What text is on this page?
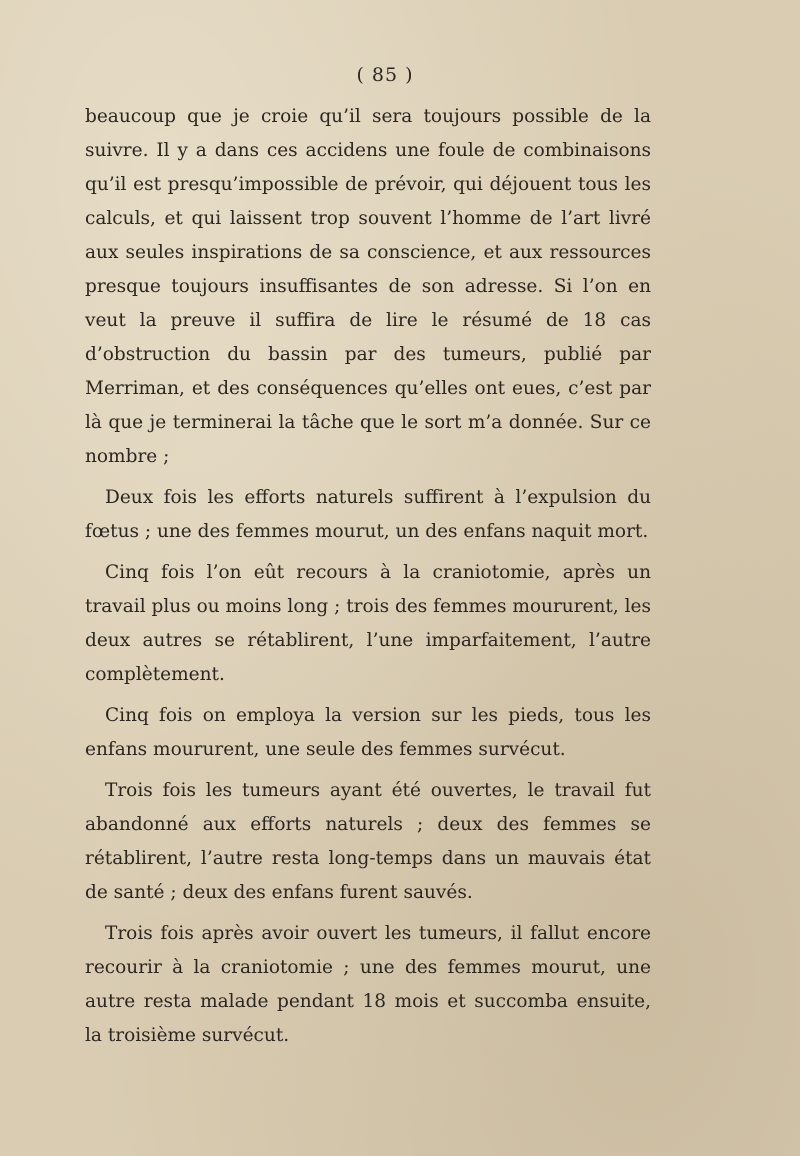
( 85 )

beaucoup que je croie qu’il sera toujours possible de la suivre. Il y a dans ces accidens une foule de combinaisons qu’il est presqu’impossible de prévoir, qui déjouent tous les calculs, et qui laissent trop souvent l’homme de l’art livré aux seules inspirations de sa conscience, et aux ressources presque toujours insuffisantes de son adresse. Si l’on en veut la preuve il suffira de lire le résumé de 18 cas d’obstruction du bassin par des tumeurs, publié par Merriman, et des conséquences qu’elles ont eues, c’est par là que je terminerai la tâche que le sort m’a donnée. Sur ce nombre ;

Deux fois les efforts naturels suffirent à l’expulsion du fœtus ; une des femmes mourut, un des enfans naquit mort.

Cinq fois l’on eût recours à la craniotomie, après un travail plus ou moins long ; trois des femmes moururent, les deux autres se rétablirent, l’une imparfaitement, l’autre complètement.

Cinq fois on employa la version sur les pieds, tous les enfans moururent, une seule des femmes survécut.

Trois fois les tumeurs ayant été ouvertes, le travail fut abandonné aux efforts naturels ; deux des femmes se rétablirent, l’autre resta long-temps dans un mauvais état de santé ; deux des enfans furent sauvés.

Trois fois après avoir ouvert les tumeurs, il fallut encore recourir à la craniotomie ; une des femmes mourut, une autre resta malade pendant 18 mois et succomba ensuite, la troisième survécut.
